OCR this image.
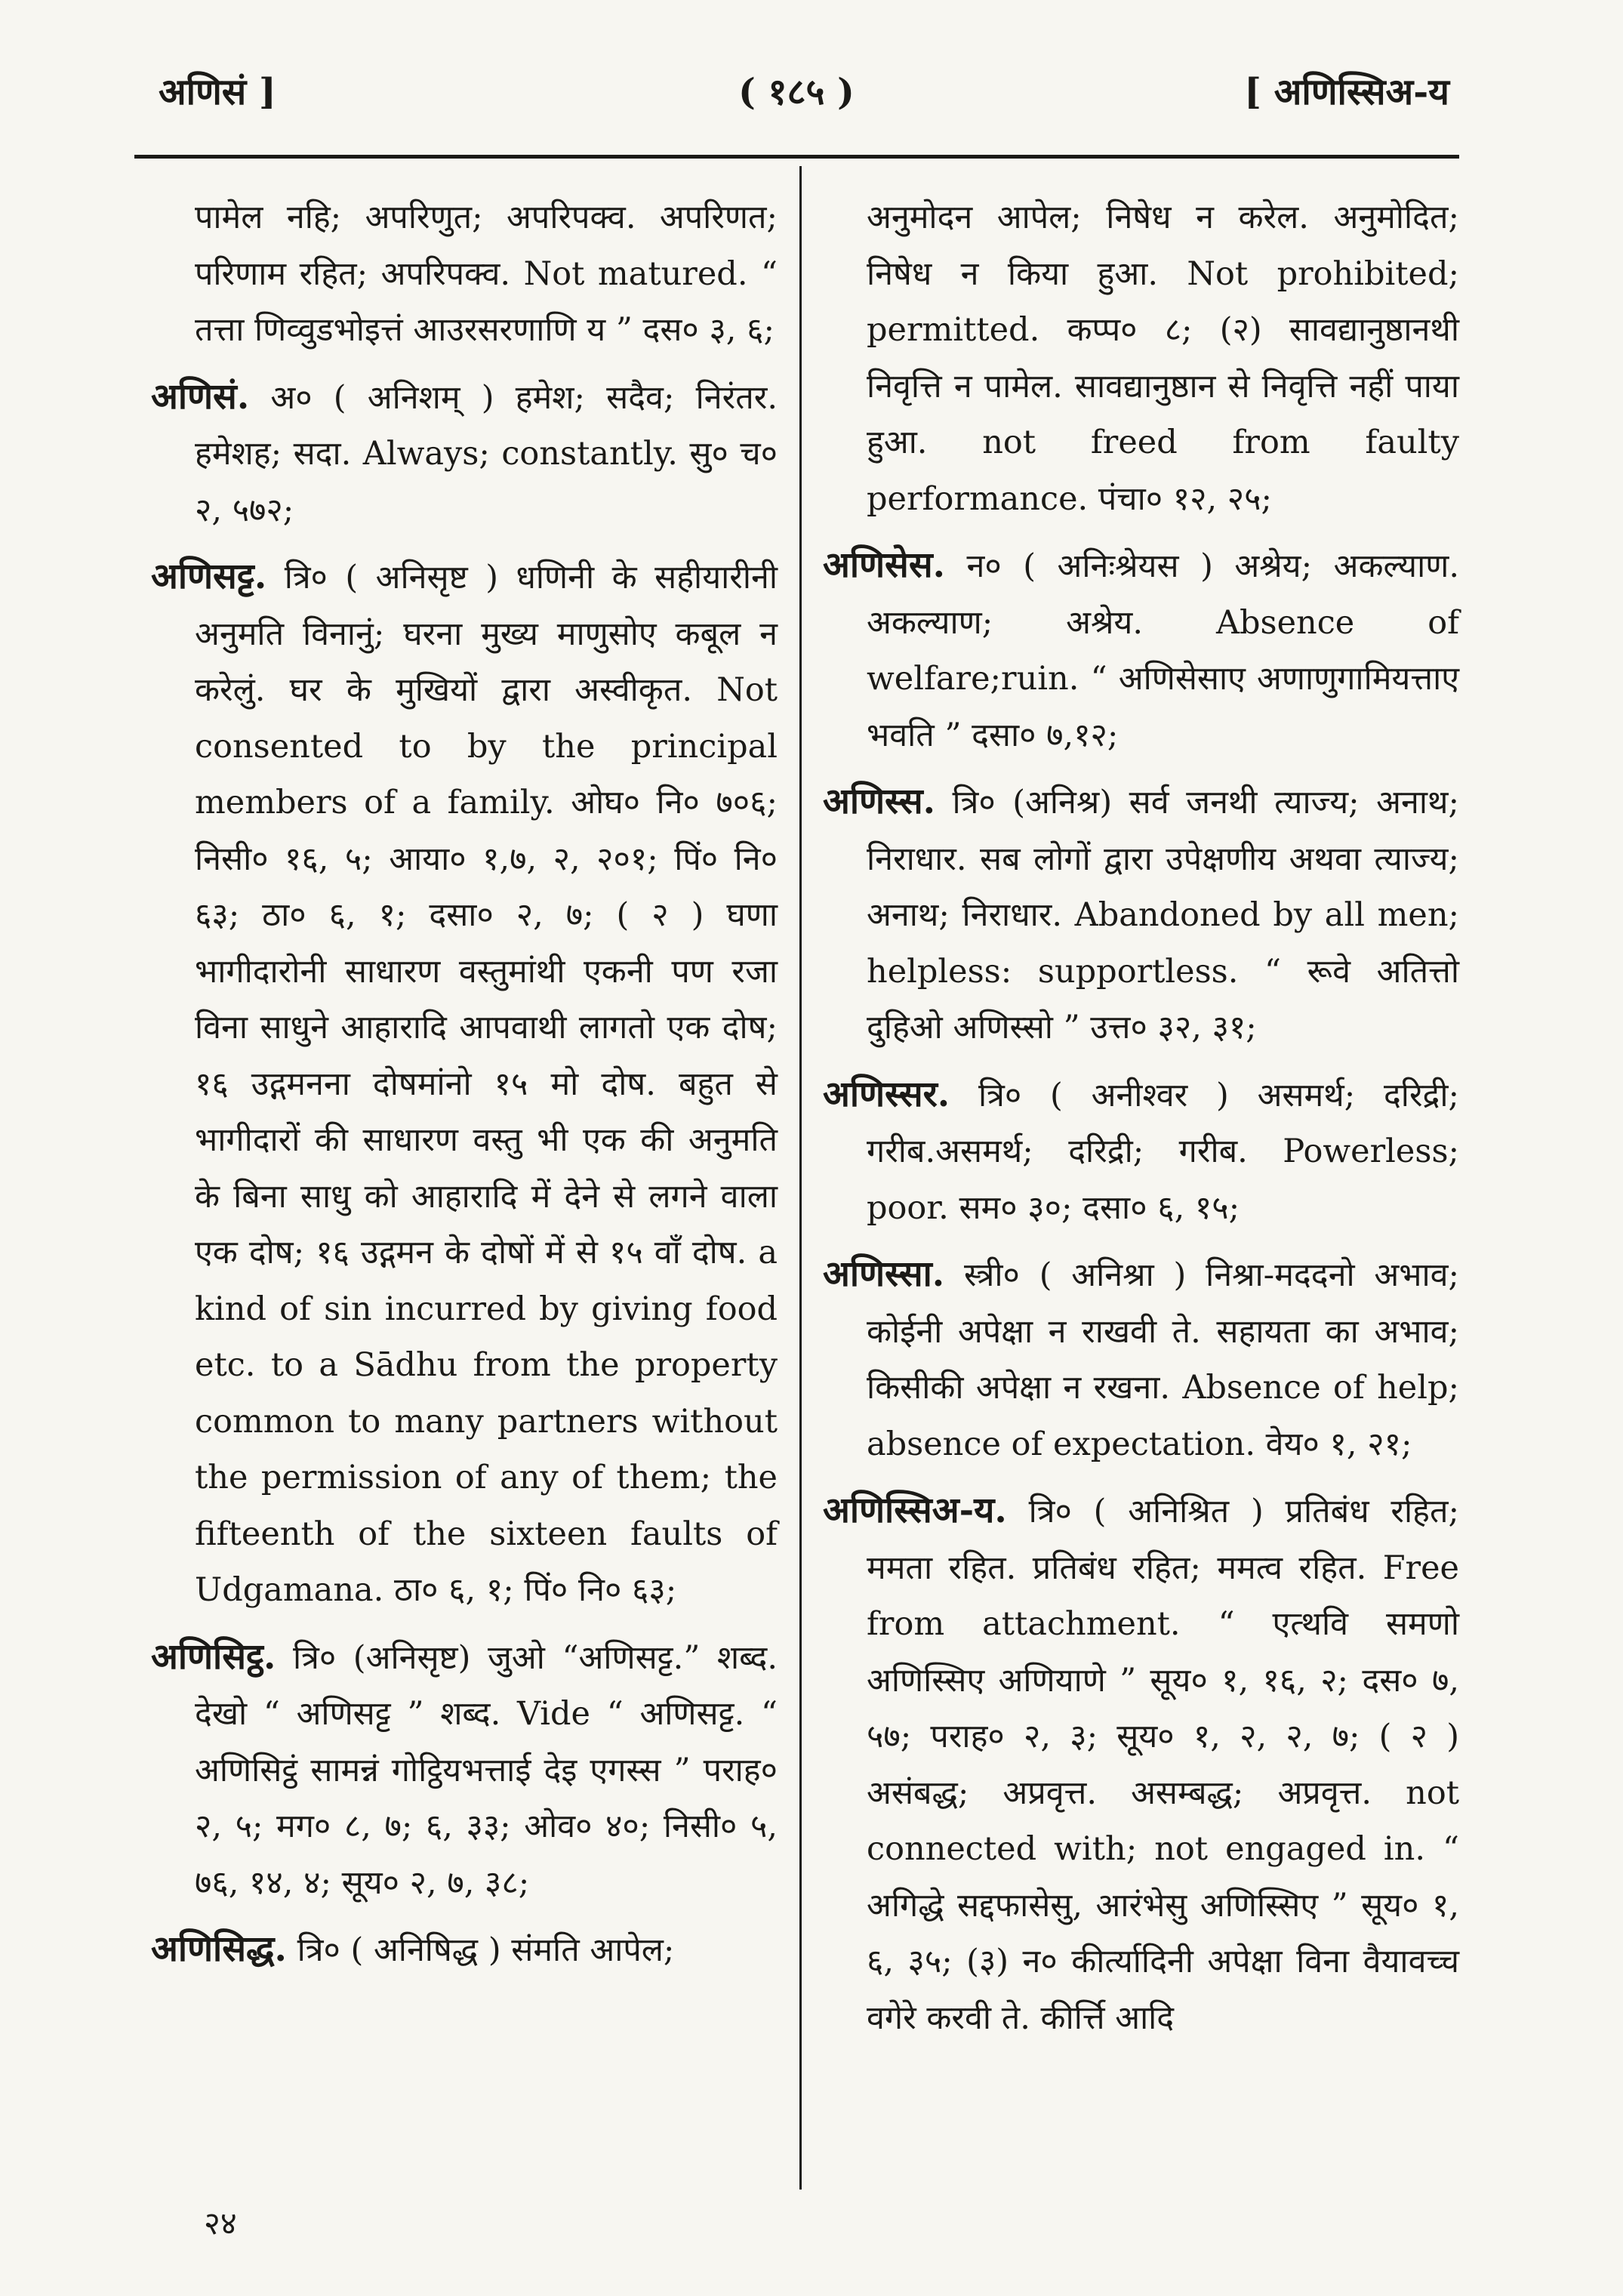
अणिसं ]	( १८५ )	[ अणिस्सिअ-य
पामेल नहि; अपरिणुत; अपरिपक्व. अपरिणत; परिणाम रहित; अपरिपक्व. Not matured. “ तत्ता णिव्वुडभोइत्तं आउरसरणाणि य ” दस० ३, ६;
अणिसं. अ० ( अनिशम् ) हमेश; सदैव; निरंतर. हमेशह; सदा. Always; constantly. सु० च० २, ५७२;
अणिसट्ट. त्रि० ( अनिसृष्ट ) धणिनी के सहीयारीनी अनुमति विनानुं; घरना मुख्य माणुसोए कबूल न करेलुं. घर के मुखियों द्वारा अस्वीकृत. Not consented to by the principal members of a family. ओघ० नि० ७०६; निसी० १६, ५; आया० १,७, २, २०१; पिं० नि० ६३; ठा० ६, १; दसा० २, ७; ( २ ) घणा भागीदारोनी साधारण वस्तुमांथी एकनी पण रजा विना साधुने आहारादि आपवाथी लागतो एक दोष; १६ उद्गमनना दोषमांनो १५ मो दोष. बहुत से भागीदारों की साधारण वस्तु भी एक की अनुमति के बिना साधु को आहारादि में देने से लगने वाला एक दोष; १६ उद्गमन के दोषों में से १५ वाँ दोष. a kind of sin incurred by giving food etc. to a Sādhu from the property common to many partners without the permission of any of them; the fifteenth of the sixteen faults of Udgamana. ठा० ६, १; पिं० नि० ६३;
अणिसिट्ठ. त्रि० (अनिसृष्ट) जुओ “अणिसट्ट.” शब्द. देखो “ अणिसट्ट ” शब्द. Vide “ अणिसट्ट. “ अणिसिट्ठं सामन्नं गोट्ठियभत्ताई देइ एगस्स ” पराह० २, ५; मग० ८, ७; ६, ३३; ओव० ४०; निसी० ५, ७६, १४, ४; सूय० २, ७, ३८;
अणिसिद्ध. त्रि० ( अनिषिद्ध ) संमति आपेल;
अनुमोदन आपेल; निषेध न करेल. अनुमोदित; निषेध न किया हुआ. Not prohibited; permitted. कप्प० ८; (२) सावद्यानुष्ठानथी निवृत्ति न पामेल. सावद्यानुष्ठान से निवृत्ति नहीं पाया हुआ. not freed from faulty performance. पंचा० १२, २५;
अणिसेस. न० ( अनिःश्रेयस ) अश्रेय; अकल्याण. अकल्याण; अश्रेय. Absence of welfare;ruin. “ अणिसेसाए अणाणुगामियत्ताए भवति ” दसा० ७,१२;
अणिस्स. त्रि० (अनिश्र) सर्व जनथी त्याज्य; अनाथ; निराधार. सब लोगों द्वारा उपेक्षणीय अथवा त्याज्य; अनाथ; निराधार. Abandoned by all men; helpless: supportless. “ रूवे अतित्तो दुहिओ अणिस्सो ” उत्त० ३२, ३१;
अणिस्सर. त्रि० ( अनीश्वर ) असमर्थ; दरिद्री; गरीब.असमर्थ; दरिद्री; गरीब. Powerless; poor. सम० ३०; दसा० ६, १५;
अणिस्सा. स्त्री० ( अनिश्रा ) निश्रा-मददनो अभाव; कोईनी अपेक्षा न राखवी ते. सहायता का अभाव; किसीकी अपेक्षा न रखना. Absence of help; absence of expectation. वेय० १, २१;
अणिस्सिअ-य. त्रि० ( अनिश्रित ) प्रतिबंध रहित; ममता रहित. प्रतिबंध रहित; ममत्व रहित. Free from attachment. “ एत्थवि समणो अणिस्सिए अणियाणे ” सूय० १, १६, २; दस० ७, ५७; पराह० २, ३; सूय० १, २, २, ७; ( २ ) असंबद्ध; अप्रवृत्त. असम्बद्ध; अप्रवृत्त. not connected with; not engaged in. “ अगिद्धे सद्दफासेसु, आरंभेसु अणिस्सिए ” सूय० १, ६, ३५; (३) न० कीर्त्यादिनी अपेक्षा विना वैयावच्च वगेरे करवी ते. कीर्त्ति आदि
२४
